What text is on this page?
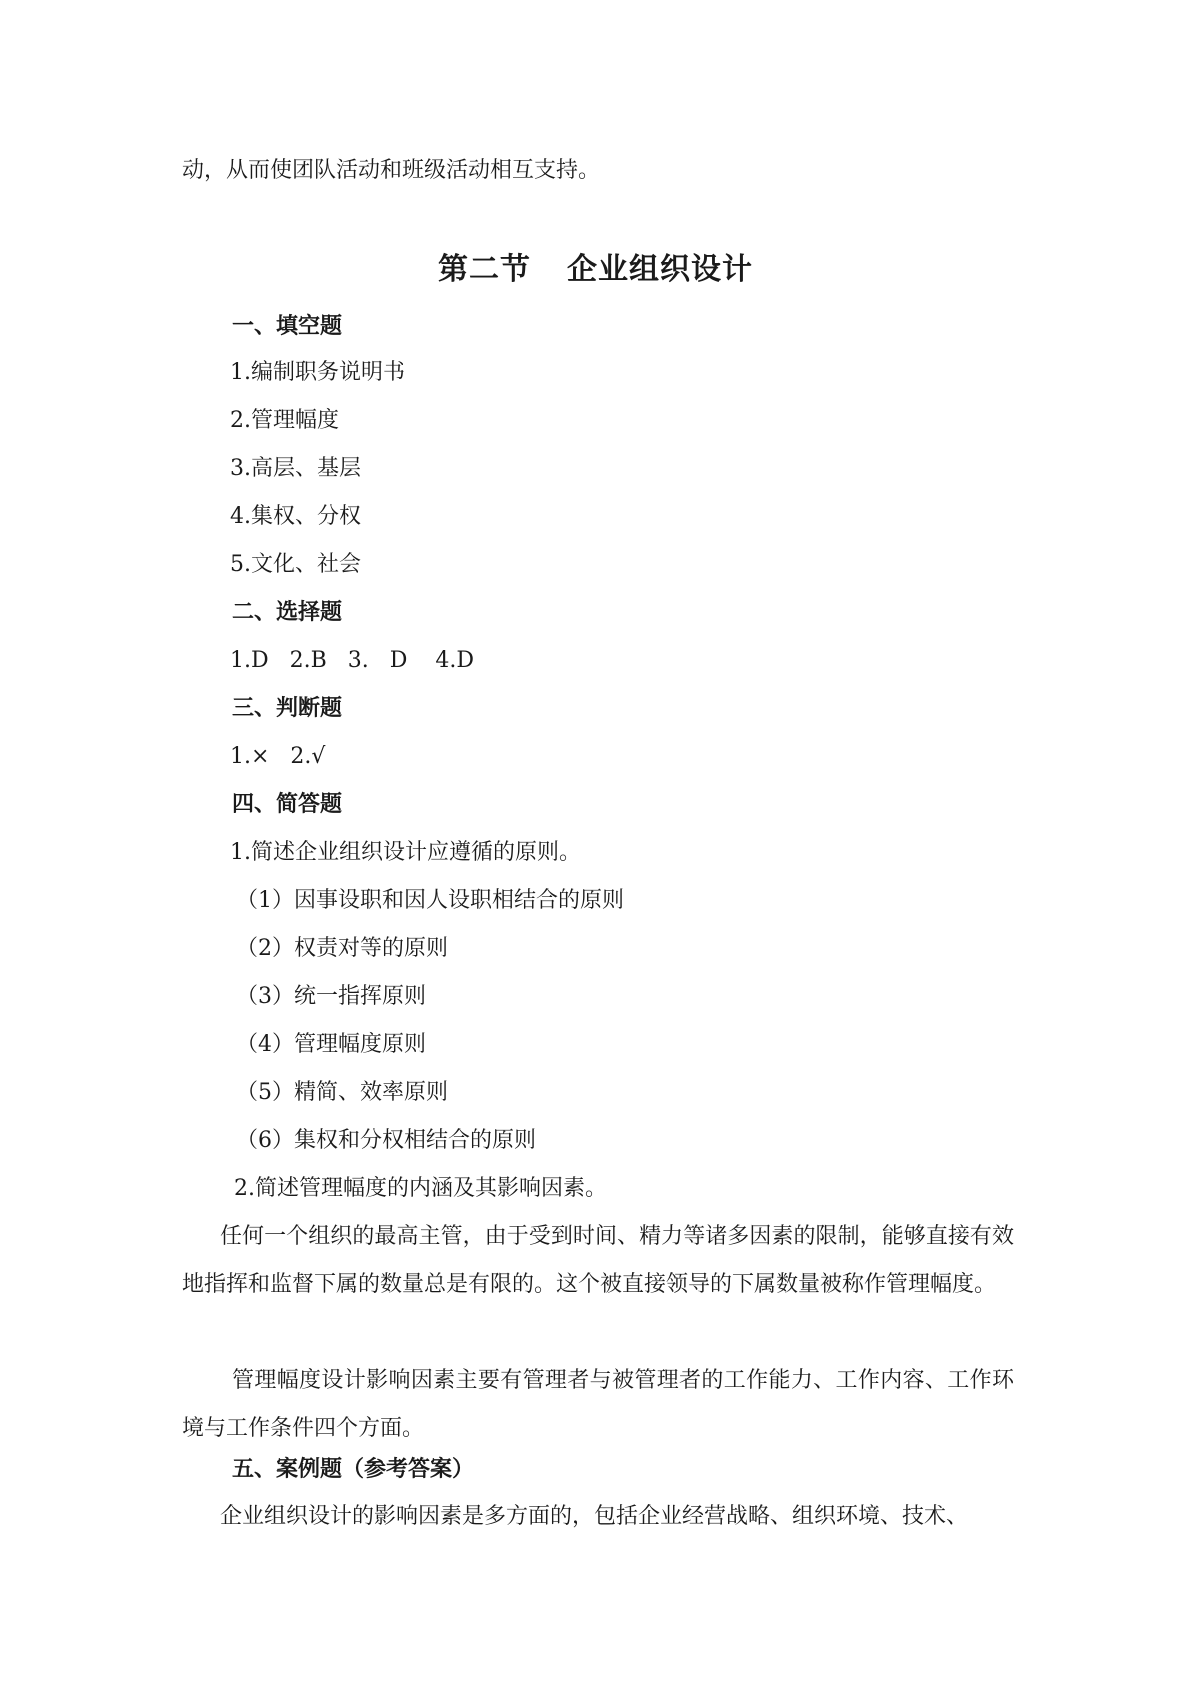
动，从而使团队活动和班级活动相互支持。
第二节 企业组织设计
一、填空题
1.编制职务说明书
2.管理幅度
3.高层、基层
4.集权、分权
5.文化、社会
二、选择题
1.D   2.B   3.   D    4.D
三、判断题
1.×   2.√
四、简答题
1.简述企业组织设计应遵循的原则。
（1）因事设职和因人设职相结合的原则
（2）权责对等的原则
（3）统一指挥原则
（4）管理幅度原则
（5）精简、效率原则
（6）集权和分权相结合的原则
2.简述管理幅度的内涵及其影响因素。

任何一个组织的最高主管，由于受到时间、精力等诸多因素的限制，能够直接有效地指挥和监督下属的数量总是有限的。这个被直接领导的下属数量被称作管理幅度。

管理幅度设计影响因素主要有管理者与被管理者的工作能力、工作内容、工作环境与工作条件四个方面。

五、案例题（参考答案）
企业组织设计的影响因素是多方面的，包括企业经营战略、组织环境、技术、
